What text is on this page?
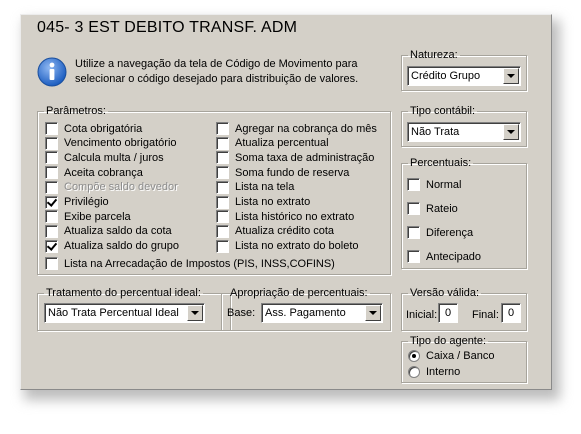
045- 3 EST DEBITO TRANSF. ADM
Utilize a navegação da tela de Código de Movimento para selecionar o código desejado para distribuição de valores.
Parâmetros:
Cota obrigatória
Vencimento obrigatório
Calcula multa / juros
Aceita cobrança
Compõe saldo devedor
Privilégio
Exibe parcela
Atualiza saldo da cota
Atualiza saldo do grupo
Agregar na cobrança do mês
Atualiza percentual
Soma taxa de administração
Soma fundo de reserva
Lista na tela
Lista no extrato
Lista histórico no extrato
Atualiza crédito cota
Lista no extrato do boleto
Lista na Arrecadação de Impostos (PIS, INSS,COFINS)
Natureza:
Crédito Grupo
Tipo contábil:
Não Trata
Percentuais:
Normal
Rateio
Diferença
Antecipado
Tratamento do percentual ideal:
Não Trata Percentual Ideal
Apropriação de percentuais:
Base: Ass. Pagamento
Versão válida:
Inicial: 0	Final: 0
Tipo do agente:
Caixa / Banco
Interno
